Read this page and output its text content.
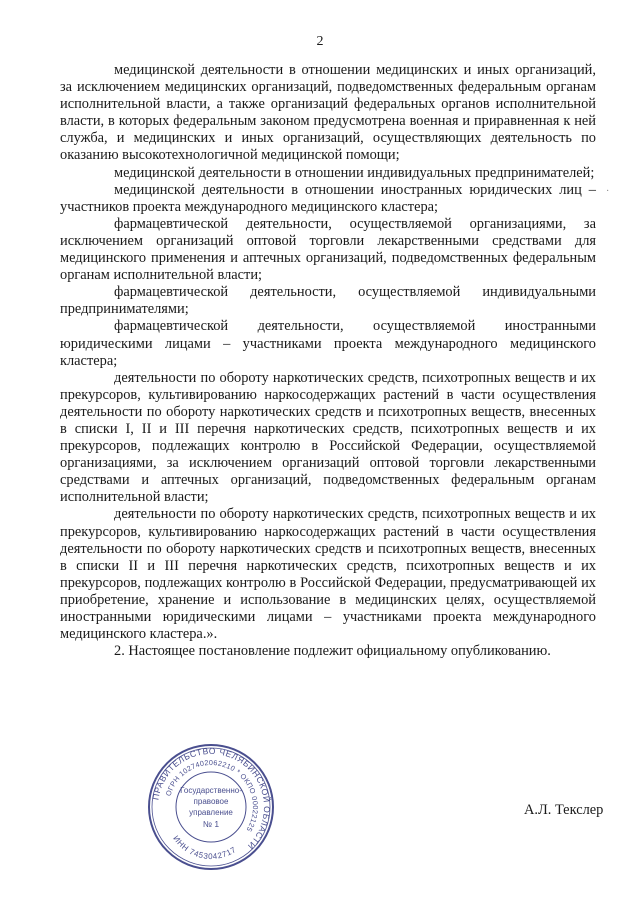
2

медицинской деятельности в отношении медицинских и иных организаций, за исключением медицинских организаций, подведомственных федеральным органам исполнительной власти, а также организаций федеральных органов исполнительной власти, в которых федеральным законом предусмотрена военная и приравненная к ней служба, и медицинских и иных организаций, осуществляющих деятельность по оказанию высокотехнологичной медицинской помощи;

медицинской деятельности в отношении индивидуальных предпринимателей;

медицинской деятельности в отношении иностранных юридических лиц – участников проекта международного медицинского кластера;

фармацевтической деятельности, осуществляемой организациями, за исключением организаций оптовой торговли лекарственными средствами для медицинского применения и аптечных организаций, подведомственных федеральным органам исполнительной власти;

фармацевтической деятельности, осуществляемой индивидуальными предпринимателями;

фармацевтической деятельности, осуществляемой иностранными юридическими лицами – участниками проекта международного медицинского кластера;

деятельности по обороту наркотических средств, психотропных веществ и их прекурсоров, культивированию наркосодержащих растений в части осуществления деятельности по обороту наркотических средств и психотропных веществ, внесенных в списки I, II и III перечня наркотических средств, психотропных веществ и их прекурсоров, подлежащих контролю в Российской Федерации, осуществляемой организациями, за исключением организаций оптовой торговли лекарственными средствами и аптечных организаций, подведомственных федеральным органам исполнительной власти;

деятельности по обороту наркотических средств, психотропных веществ и их прекурсоров, культивированию наркосодержащих растений в части осуществления деятельности по обороту наркотических средств и психотропных веществ, внесенных в списки II и III перечня наркотических средств, психотропных веществ и их прекурсоров, подлежащих контролю в Российской Федерации, предусматривающей их приобретение, хранение и использование в медицинских целях, осуществляемой иностранными юридическими лицами – участниками проекта международного медицинского кластера.».

2. Настоящее постановление подлежит официальному опубликованию.

ПРАВИТЕЛЬСТВО ЧЕЛЯБИНСКОЙ ОБЛАСТИ
ОГРН 1027402062210 * ОКПО 00022125
ИНН 7453042717
Государственно-
правовое
управление
№ 1
А.Л. Текслер
·
